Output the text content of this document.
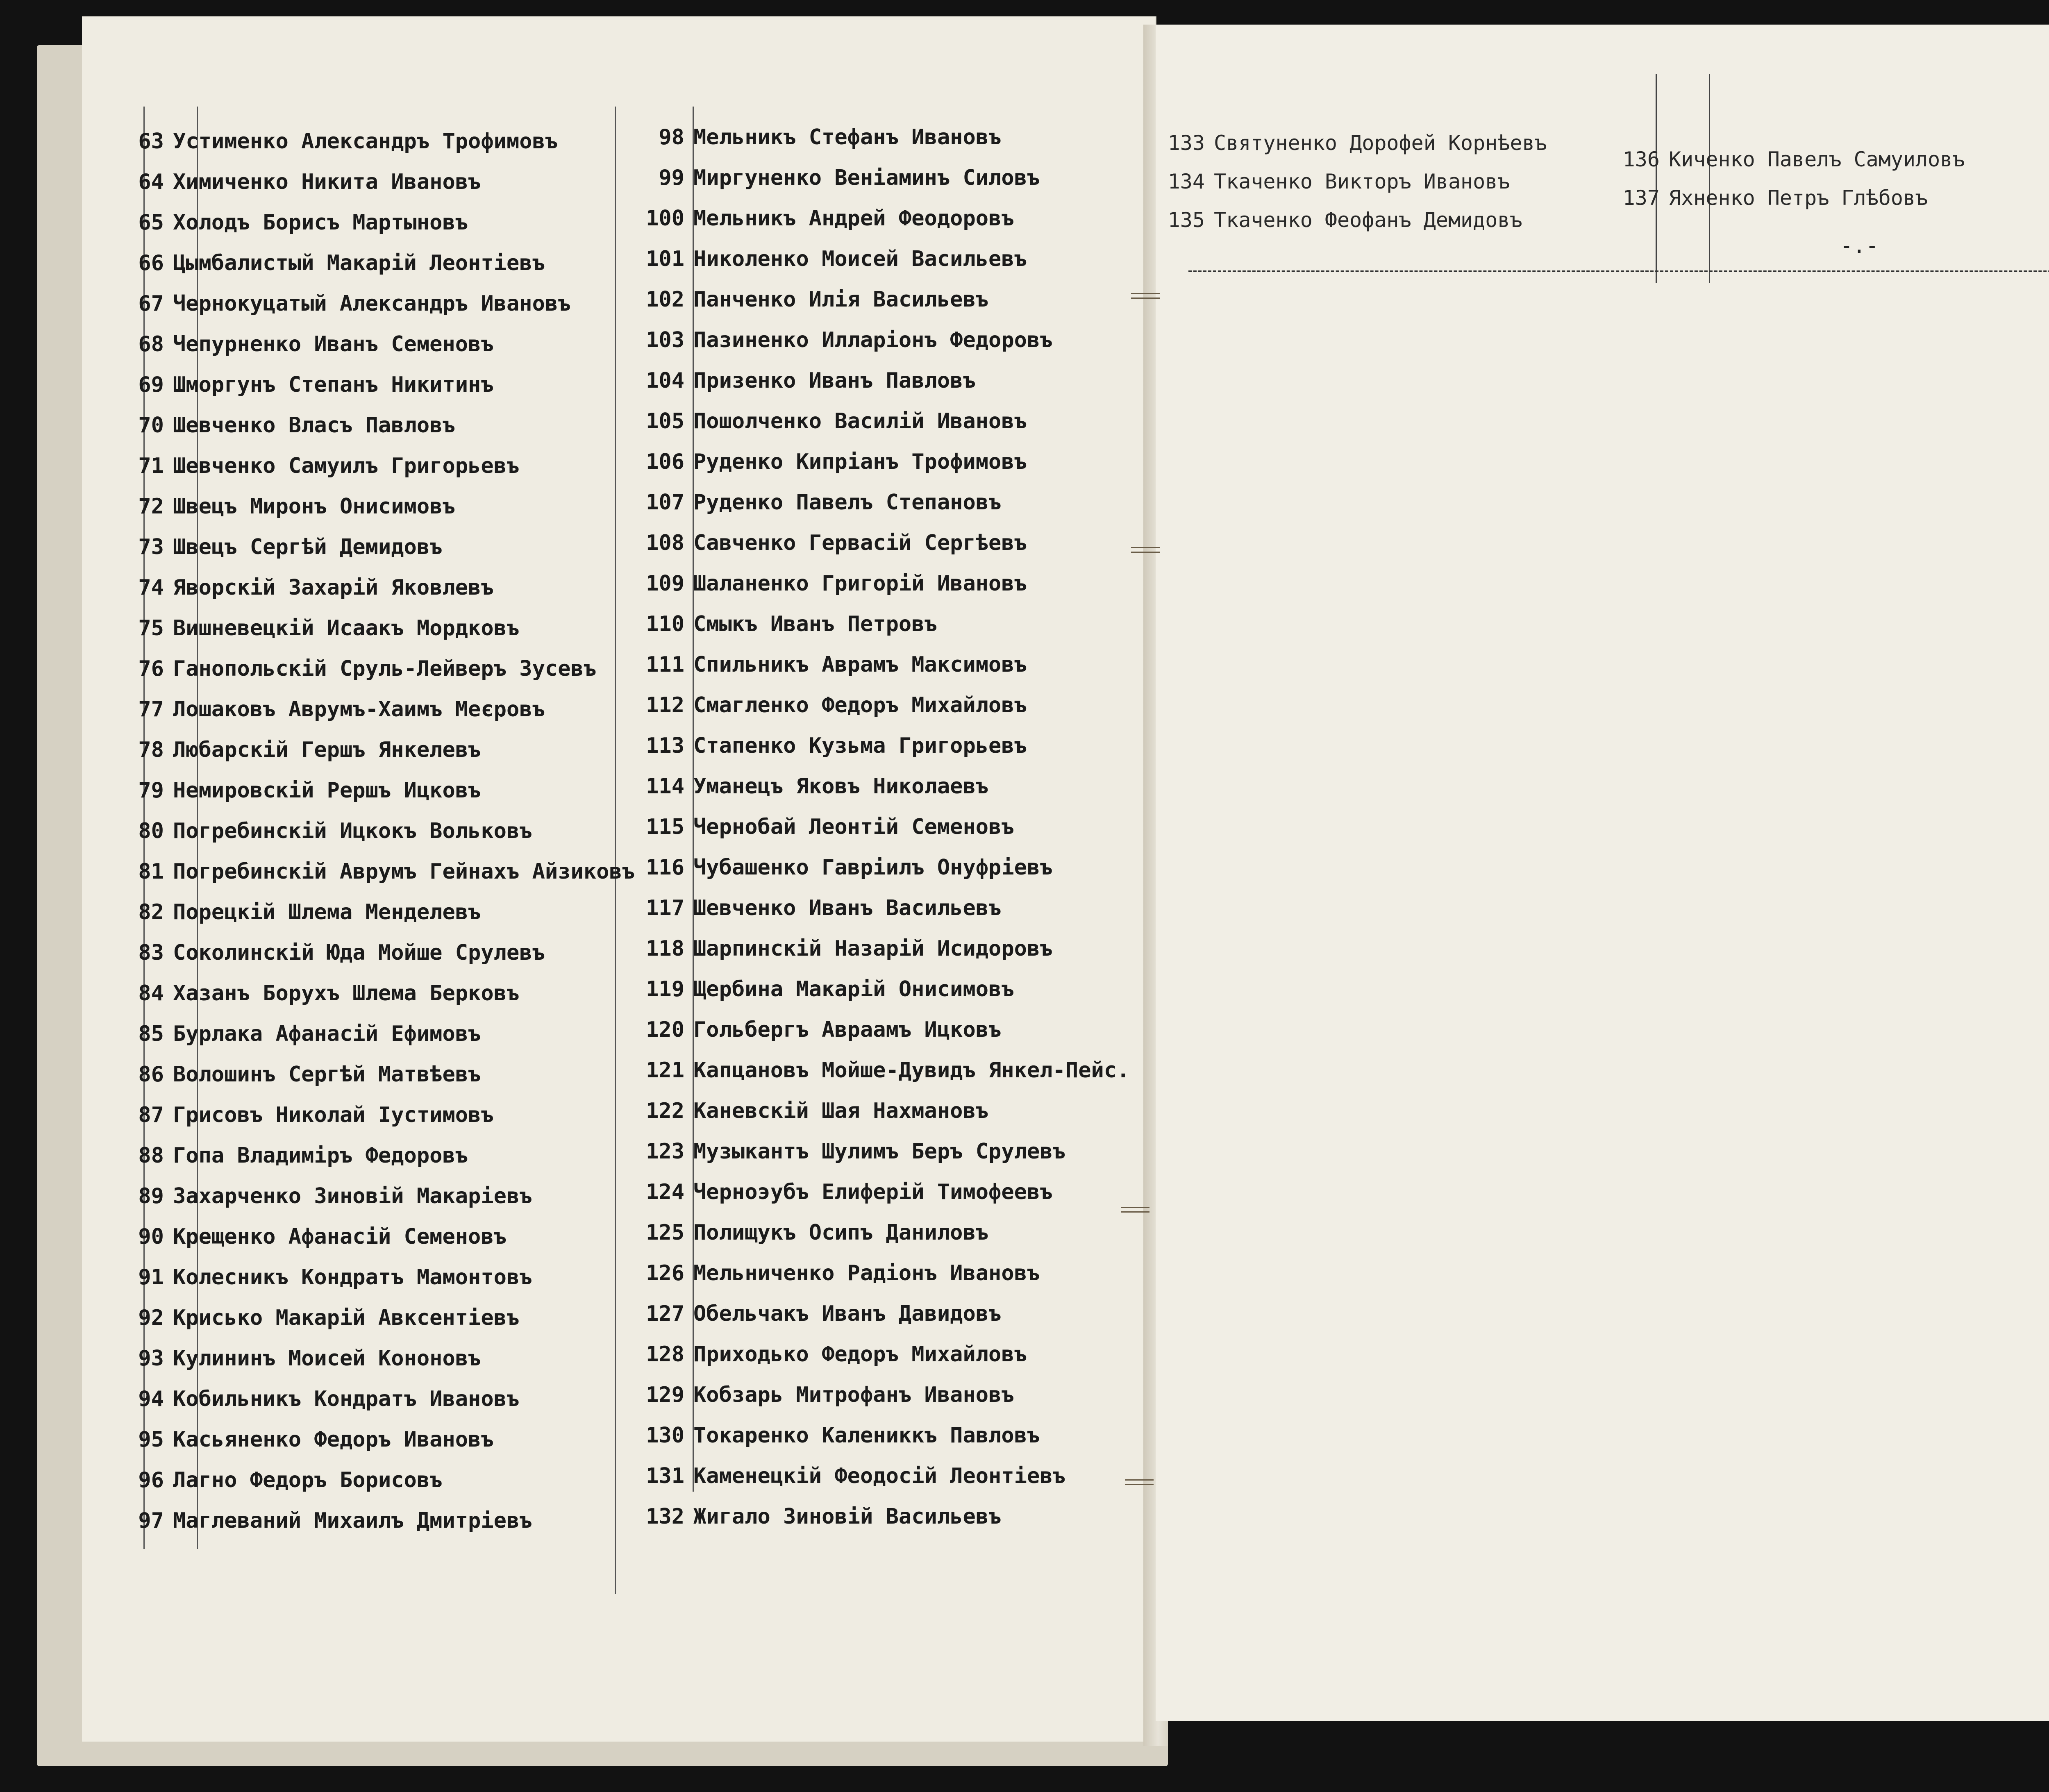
63 Устименко Александръ Трофимовъ
64 Химиченко Никита Ивановъ
65 Холодъ Борисъ Мартыновъ
66 Цымбалистый Макарій Леонтіевъ
67 Чернокуцатый Александръ Ивановъ
68 Чепурненко Иванъ Семеновъ
69 Шморгунъ Степанъ Никитинъ
70 Шевченко Власъ Павловъ
71 Шевченко Самуилъ Григорьевъ
72 Швецъ Миронъ Онисимовъ
73 Швецъ Сергѣй Демидовъ
74 Яворскій Захарій Яковлевъ
75 Вишневецкій Исаакъ Мордковъ
76 Ганопольскій Сруль-Лейверъ Зусевъ
77 Лошаковъ Аврумъ-Хаимъ Меєровъ
78 Любарскій Гершъ Янкелевъ
79 Немировскій Рершъ Ицковъ
80 Погребинскій Ицкокъ Вольковъ
81 Погребинскій Аврумъ Гейнахъ Айзиковъ
82 Порецкій Шлема Менделевъ
83 Соколинскій Юда Мойше Срулевъ
84 Хазанъ Борухъ Шлема Берковъ
85 Бурлака Афанасій Ефимовъ
86 Волошинъ Сергѣй Матвѣевъ
87 Грисовъ Николай Іустимовъ
88 Гопа Владиміръ Федоровъ
89 Захарченко Зиновій Макаріевъ
90 Крещенко Афанасій Семеновъ
91 Колесникъ Кондратъ Мамонтовъ
92 Крисько Макарій Авксентіевъ
93 Кулининъ Моисей Кононовъ
94 Кобильникъ Кондратъ Ивановъ
95 Касьяненко Федоръ Ивановъ
96 Лагно Федоръ Борисовъ
97 Маглеваний Михаилъ Дмитріевъ
98 Мельникъ Стефанъ Ивановъ
99 Миргуненко Веніаминъ Силовъ
100 Мельникъ Андрей Феодоровъ
101 Николенко Моисей Васильевъ
102 Панченко Илія Васильевъ
103 Пазиненко Илларіонъ Федоровъ
104 Призенко Иванъ Павловъ
105 Пошолченко Василій Ивановъ
106 Руденко Кипріанъ Трофимовъ
107 Руденко Павелъ Степановъ
108 Савченко Гервасій Сергѣевъ
109 Шаланенко Григорій Ивановъ
110 Смыкъ Иванъ Петровъ
111 Спильникъ Аврамъ Максимовъ
112 Смагленко Федоръ Михайловъ
113 Стапенко Кузьма Григорьевъ
114 Уманецъ Яковъ Николаевъ
115 Чернобай Леонтій Семеновъ
116 Чубашенко Гавріилъ Онуфріевъ
117 Шевченко Иванъ Васильевъ
118 Шарпинскій Назарій Исидоровъ
119 Щербина Макарій Онисимовъ
120 Гольбергъ Авраамъ Ицковъ
121 Капцановъ Мойше-Дувидъ Янкел-Пейс.
122 Каневскій Шая Нахмановъ
123 Музыкантъ Шулимъ Беръ Срулевъ
124 Черноэубъ Елиферій Тимофеевъ
125 Полищукъ Осипъ Даниловъ
126 Мельниченко Радіонъ Ивановъ
127 Обельчакъ Иванъ Давидовъ
128 Приходько Федоръ Михайловъ
129 Кобзарь Митрофанъ Ивановъ
130 Токаренко Калениккъ Павловъ
131 Каменецкій Феодосій Леонтіевъ
132 Жигало Зиновій Васильевъ
133 Святуненко Дорофей Корнѣевъ
134 Ткаченко Викторъ Ивановъ
135 Ткаченко Феофанъ Демидовъ
136 Киченко Павелъ Самуиловъ
137 Яхненко Петръ Глѣбовъ
-.-
